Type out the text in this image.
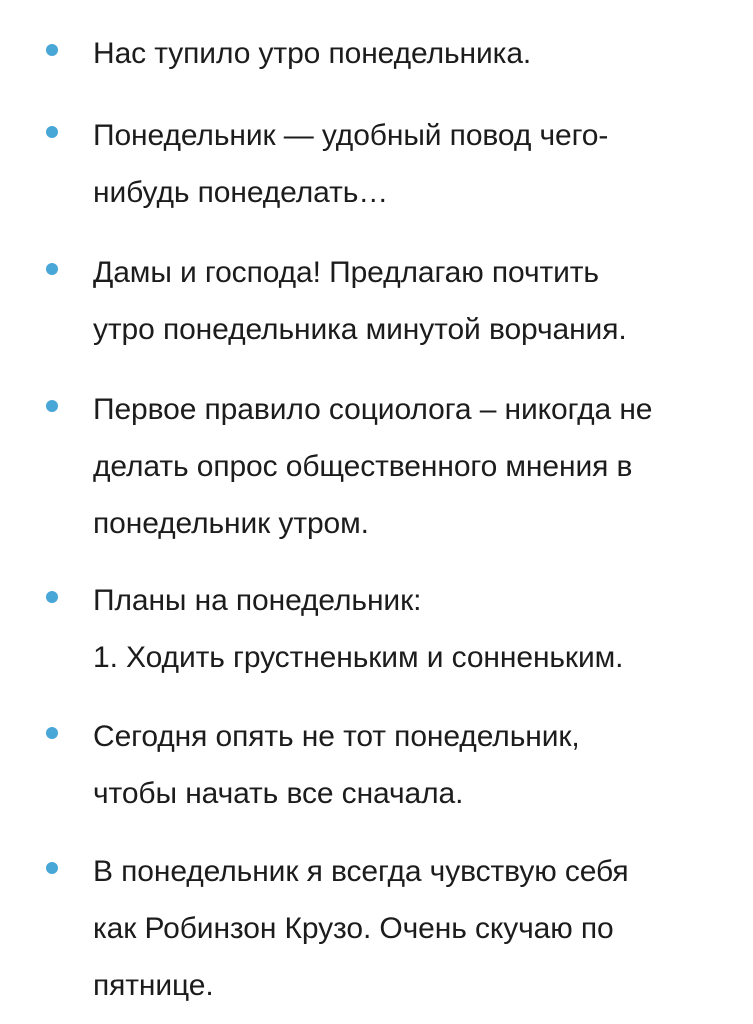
Нас тупило утро понедельника.
Понедельник — удобный повод чего-
нибудь понеделать…
Дамы и господа! Предлагаю почтить
утро понедельника минутой ворчания.
Первое правило социолога – никогда не
делать опрос общественного мнения в
понедельник утром.
Планы на понедельник:
1. Ходить грустненьким и сонненьким.
Сегодня опять не тот понедельник,
чтобы начать все сначала.
В понедельник я всегда чувствую себя
как Робинзон Крузо. Очень скучаю по
пятнице.
